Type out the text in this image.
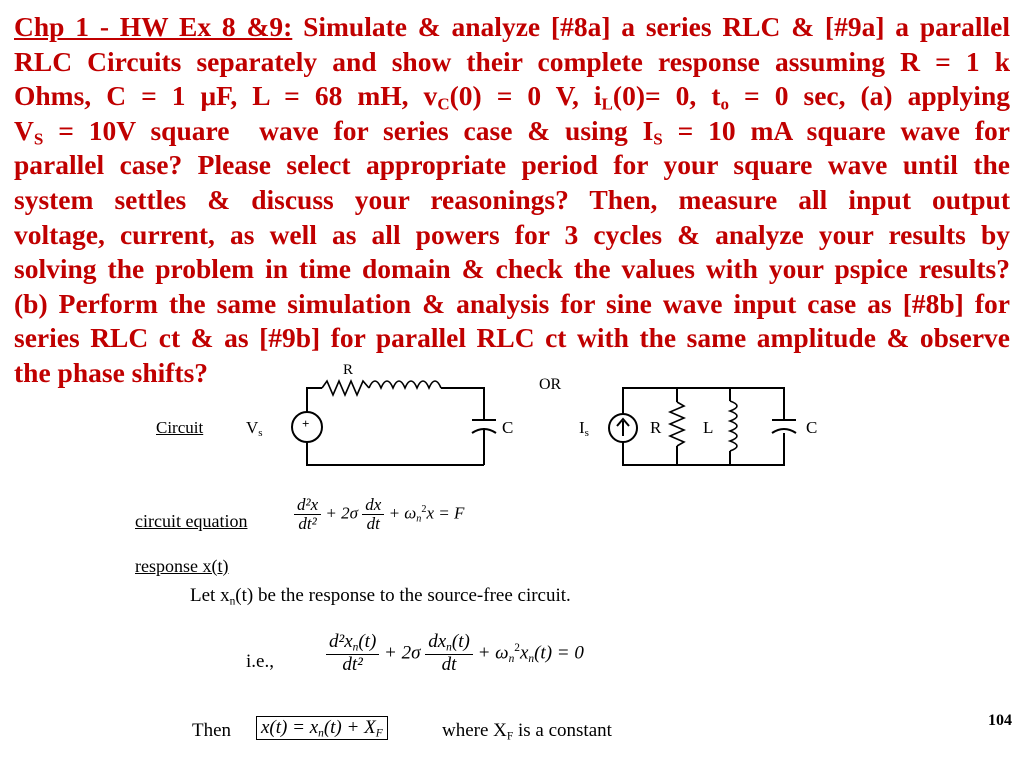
Chp 1 - HW Ex 8 &9: Simulate & analyze [#8a] a series RLC & [#9a] a parallel
RLC Circuits separately and show their complete response assuming R = 1 k
Ohms, C = 1 μF, L = 68 mH, $v_C(0) = 0$ V, $i_L(0)= 0$, $t_o = 0$ sec, (a) applying
$V_S = 10V$ square  wave for series case & using $I_S = 10$ mA square wave for
parallel case? Please select appropriate period for your square wave until the
system settles & discuss your reasonings? Then, measure all input output
voltage, current, as well as all powers for 3 cycles & analyze your results by
solving the problem in time domain & check the values with your pspice results?
(b) Perform the same simulation & analysis for sine wave input case as [#8b] for
series RLC ct & as [#9b] for parallel RLC ct with the same amplitude & observe
the phase shifts?
Circuit	$V_s$
+
R
C
OR
$I_s$	R L	C
circuit equation	$\frac{\text{d²x}}{\text{dt²}} + 2\sigma \frac{dx}{dt} + \omega n^2x = F$
response x(t)
Let xn(t) be the response to the source-free circuit.
i.e.,	$\frac{\text{d²xn(t)}}{\text{dt²}} + 2\sigma \frac{\text{dxn(t)}}{dt} + \omega n^2xn(t) = 0$
Then x(t) = xn(t) + XF	where XF is a constant	104
